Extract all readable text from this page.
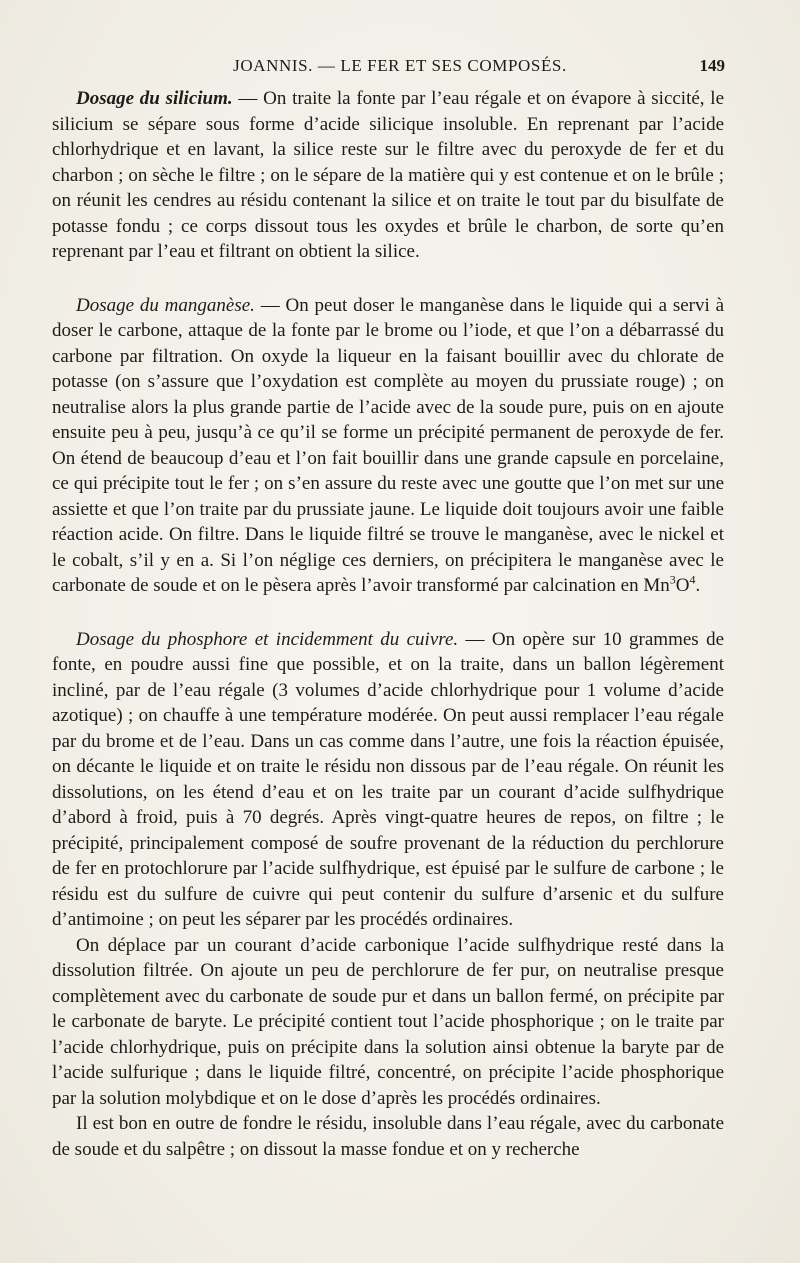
JOANNIS. — LE FER ET SES COMPOSÉS.	149

Dosage du silicium. — On traite la fonte par l’eau régale et on évapore à siccité, le silicium se sépare sous forme d’acide silicique insoluble. En reprenant par l’acide chlorhydrique et en lavant, la silice reste sur le filtre avec du peroxyde de fer et du charbon ; on sèche le filtre ; on le sépare de la matière qui y est contenue et on le brûle ; on réunit les cendres au résidu contenant la silice et on traite le tout par du bisulfate de potasse fondu ; ce corps dissout tous les oxydes et brûle le charbon, de sorte qu’en reprenant par l’eau et filtrant on obtient la silice.

Dosage du manganèse. — On peut doser le manganèse dans le liquide qui a servi à doser le carbone, attaque de la fonte par le brome ou l’iode, et que l’on a débarrassé du carbone par filtration. On oxyde la liqueur en la faisant bouillir avec du chlorate de potasse (on s’assure que l’oxydation est complète au moyen du prussiate rouge) ; on neutralise alors la plus grande partie de l’acide avec de la soude pure, puis on en ajoute ensuite peu à peu, jusqu’à ce qu’il se forme un précipité permanent de peroxyde de fer. On étend de beaucoup d’eau et l’on fait bouillir dans une grande capsule en porcelaine, ce qui précipite tout le fer ; on s’en assure du reste avec une goutte que l’on met sur une assiette et que l’on traite par du prussiate jaune. Le liquide doit toujours avoir une faible réaction acide. On filtre. Dans le liquide filtré se trouve le manganèse, avec le nickel et le cobalt, s’il y en a. Si l’on néglige ces derniers, on précipitera le manganèse avec le carbonate de soude et on le pèsera après l’avoir transformé par calcination en $Mn^3O^4$.

Dosage du phosphore et incidemment du cuivre. — On opère sur 10 grammes de fonte, en poudre aussi fine que possible, et on la traite, dans un ballon légèrement incliné, par de l’eau régale (3 volumes d’acide chlorhydrique pour 1 volume d’acide azotique) ; on chauffe à une température modérée. On peut aussi remplacer l’eau régale par du brome et de l’eau. Dans un cas comme dans l’autre, une fois la réaction épuisée, on décante le liquide et on traite le résidu non dissous par de l’eau régale. On réunit les dissolutions, on les étend d’eau et on les traite par un courant d’acide sulfhydrique d’abord à froid, puis à 70 degrés. Après vingt-quatre heures de repos, on filtre ; le précipité, principalement composé de soufre provenant de la réduction du perchlorure de fer en protochlorure par l’acide sulfhydrique, est épuisé par le sulfure de carbone ; le résidu est du sulfure de cuivre qui peut contenir du sulfure d’arsenic et du sulfure d’antimoine ; on peut les séparer par les procédés ordinaires.

On déplace par un courant d’acide carbonique l’acide sulfhydrique resté dans la dissolution filtrée. On ajoute un peu de perchlorure de fer pur, on neutralise presque complètement avec du carbonate de soude pur et dans un ballon fermé, on précipite par le carbonate de baryte. Le précipité contient tout l’acide phosphorique ; on le traite par l’acide chlorhydrique, puis on précipite dans la solution ainsi obtenue la baryte par de l’acide sulfurique ; dans le liquide filtré, concentré, on précipite l’acide phosphorique par la solution molybdique et on le dose d’après les procédés ordinaires.

Il est bon en outre de fondre le résidu, insoluble dans l’eau régale, avec du carbonate de soude et du salpêtre ; on dissout la masse fondue et on y recherche
